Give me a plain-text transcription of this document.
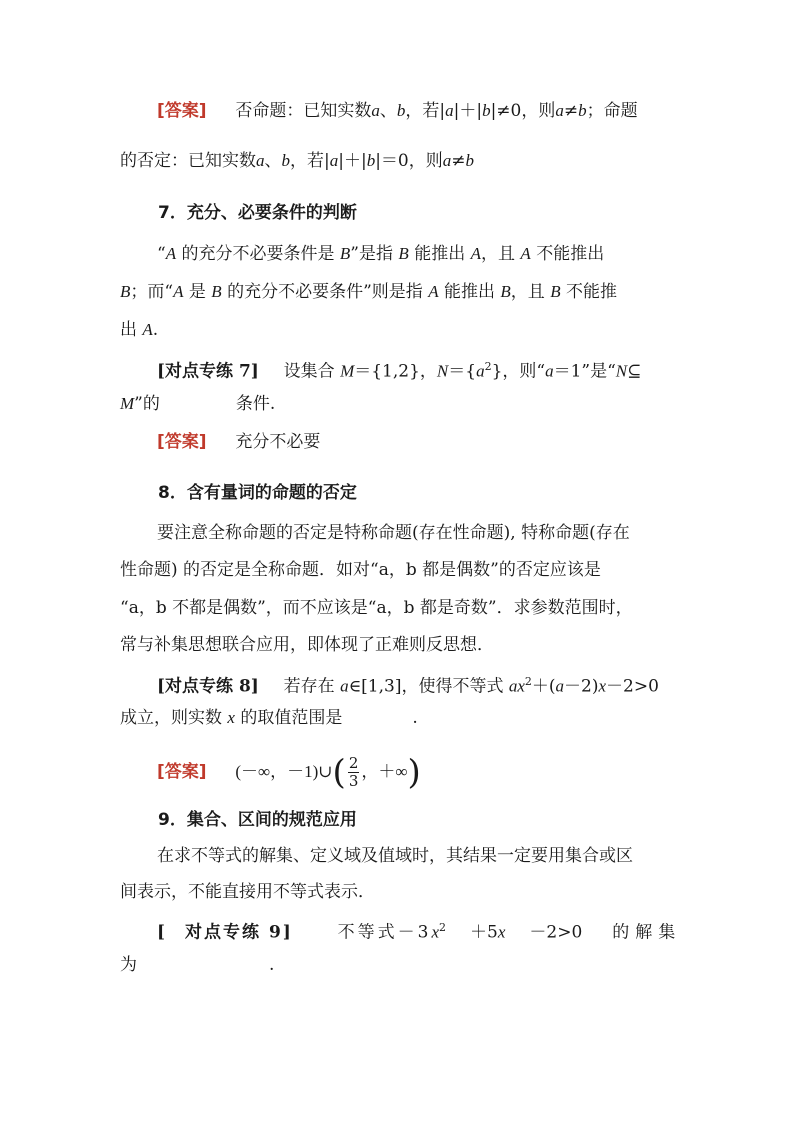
[答案] 否命题：已知实数a、b，若|a|＋|b|≠0，则a≠b；命题
的否定：已知实数a、b，若|a|＋|b|＝0，则a≠b
7．充分、必要条件的判断
“A 的充分不必要条件是 B”是指 B 能推出 A，且 A 不能推出
B；而“A 是 B 的充分不必要条件”则是指 A 能推出 B，且 B 不能推
出 A.
[对点专练 7] 设集合 M＝{1,2}，$N=\{a^2\}$，则“a＝1”是“N⊆
M”的	条件.
[答案] 充分不必要
8．含有量词的命题的否定
要注意全称命题的否定是特称命题(存在性命题), 特称命题(存在
性命题) 的否定是全称命题．如对“a，b 都是偶数”的否定应该是
“a，b 不都是偶数”，而不应该是“a，b 都是奇数”．求参数范围时，
常与补集思想联合应用，即体现了正难则反思想．
[对点专练 8] 若存在 a∈[1,3]，使得不等式 $ax^2+(a-2)x-2>0$
成立，则实数 x 的取值范围是	.
[答案] (－∞，－1)∪( $\frac{2}{3}$ ，＋∞)
9．集合、区间的规范应用
在求不等式的解集、定义域及值域时，其结果一定要用集合或区
间表示，不能直接用不等式表示．
[ 对点专练 9]	不等式$-3x^2 +5x -2>0$ 的解集
为	.
